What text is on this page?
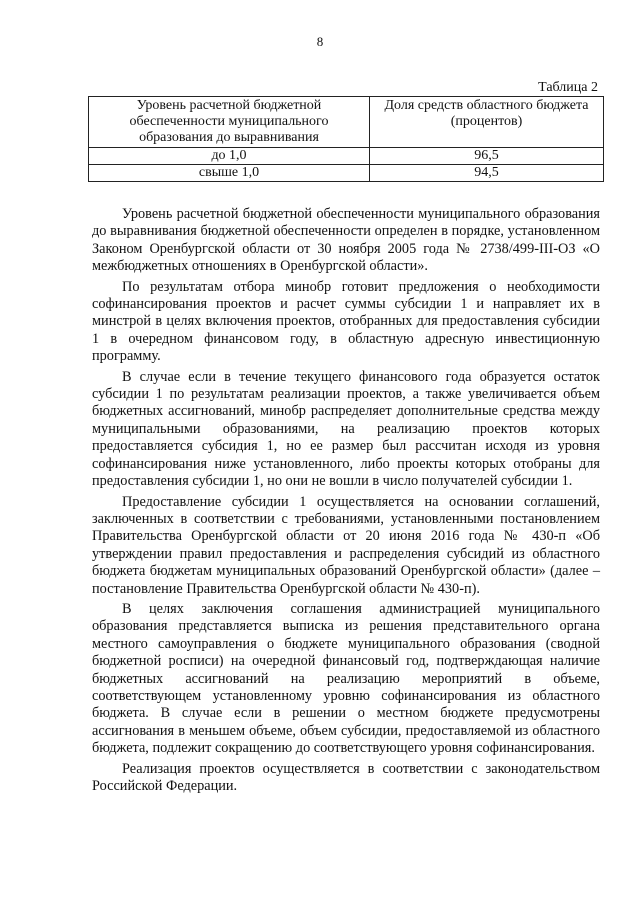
8
Таблица 2
Уровень расчетной бюджетной обеспеченности муниципального образования до выравнивания	Доля средств областного бюджета (процентов)
до 1,0	96,5
свыше 1,0	94,5

Уровень расчетной бюджетной обеспеченности муниципального образования до выравнивания бюджетной обеспеченности определен в порядке, установленном Законом Оренбургской области от 30 ноября 2005 года № 2738/499-III-ОЗ «О межбюджетных отношениях в Оренбургской области».

По результатам отбора минобр готовит предложения о необходимости софинансирования проектов и расчет суммы субсидии 1 и направляет их в минстрой в целях включения проектов, отобранных для предоставления субсидии 1 в очередном финансовом году, в областную адресную инвестиционную программу.

В случае если в течение текущего финансового года образуется остаток субсидии 1 по результатам реализации проектов, а также увеличивается объем бюджетных ассигнований, минобр распределяет дополнительные средства между муниципальными образованиями, на реализацию проектов которых предоставляется субсидия 1, но ее размер был рассчитан исходя из уровня софинансирования ниже установленного, либо проекты которых отобраны для предоставления субсидии 1, но они не вошли в число получателей субсидии 1.

Предоставление субсидии 1 осуществляется на основании соглашений, заключенных в соответствии с требованиями, установленными постановлением Правительства Оренбургской области от 20 июня 2016 года № 430-п «Об утверждении правил предоставления и распределения субсидий из областного бюджета бюджетам муниципальных образований Оренбургской области» (далее – постановление Правительства Оренбургской области № 430-п).

В целях заключения соглашения администрацией муниципального образования представляется выписка из решения представительного органа местного самоуправления о бюджете муниципального образования (сводной бюджетной росписи) на очередной финансовый год, подтверждающая наличие бюджетных ассигнований на реализацию мероприятий в объеме, соответствующем установленному уровню софинансирования из областного бюджета. В случае если в решении о местном бюджете предусмотрены ассигнования в меньшем объеме, объем субсидии, предоставляемой из областного бюджета, подлежит сокращению до соответствующего уровня софинансирования.

Реализация проектов осуществляется в соответствии с законодательством Российской Федерации.
